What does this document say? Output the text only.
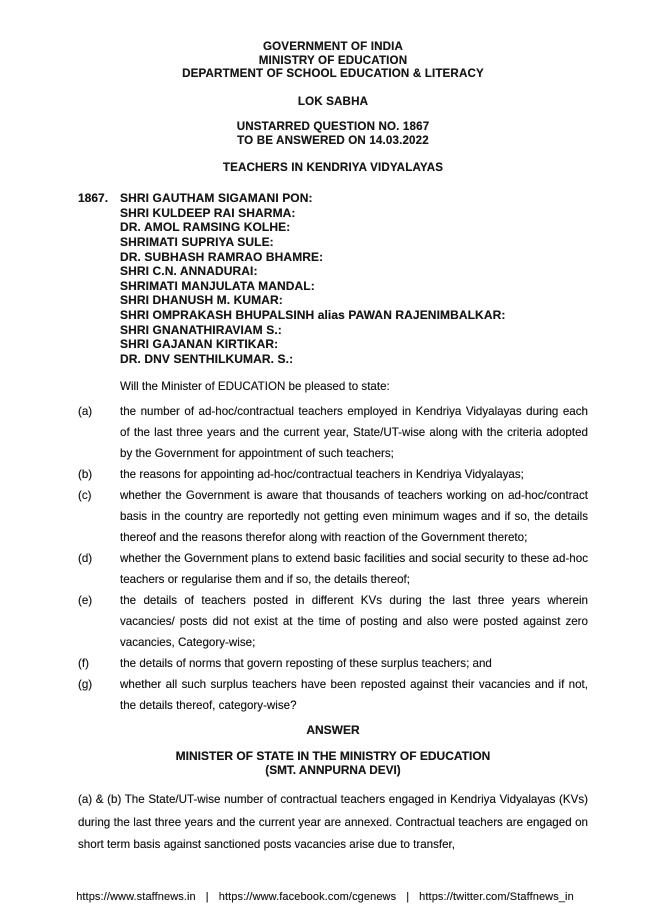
GOVERNMENT OF INDIA
MINISTRY OF EDUCATION
DEPARTMENT OF SCHOOL EDUCATION & LITERACY
LOK SABHA
UNSTARRED QUESTION NO. 1867
TO BE ANSWERED ON 14.03.2022
TEACHERS IN KENDRIYA VIDYALAYAS
1867. SHRI GAUTHAM SIGAMANI PON:
SHRI KULDEEP RAI SHARMA:
DR. AMOL RAMSING KOLHE:
SHRIMATI SUPRIYA SULE:
DR. SUBHASH RAMRAO BHAMRE:
SHRI C.N. ANNADURAI:
SHRIMATI MANJULATA MANDAL:
SHRI DHANUSH M. KUMAR:
SHRI OMPRAKASH BHUPALSINH alias PAWAN RAJENIMBALKAR:
SHRI GNANATHIRAVIAM S.:
SHRI GAJANAN KIRTIKAR:
DR. DNV SENTHILKUMAR. S.:
Will the Minister of EDUCATION be pleased to state:
(a)	the number of ad-hoc/contractual teachers employed in Kendriya Vidyalayas during each of the last three years and the current year, State/UT-wise along with the criteria adopted by the Government for appointment of such teachers;
(b)	the reasons for appointing ad-hoc/contractual teachers in Kendriya Vidyalayas;
(c)	whether the Government is aware that thousands of teachers working on ad-hoc/contract basis in the country are reportedly not getting even minimum wages and if so, the details thereof and the reasons therefor along with reaction of the Government thereto;
(d)	whether the Government plans to extend basic facilities and social security to these ad-hoc teachers or regularise them and if so, the details thereof;
(e)	the details of teachers posted in different KVs during the last three years wherein vacancies/ posts did not exist at the time of posting and also were posted against zero vacancies, Category-wise;
(f)	the details of norms that govern reposting of these surplus teachers; and
(g)	whether all such surplus teachers have been reposted against their vacancies and if not, the details thereof, category-wise?
ANSWER
MINISTER OF STATE IN THE MINISTRY OF EDUCATION
(SMT. ANNPURNA DEVI)
(a) & (b) The State/UT-wise number of contractual teachers engaged in Kendriya Vidyalayas (KVs) during the last three years and the current year are annexed. Contractual teachers are engaged on short term basis against sanctioned posts vacancies arise due to transfer,
https://www.staffnews.in | https://www.facebook.com/cgenews | https://twitter.com/Staffnews_in
